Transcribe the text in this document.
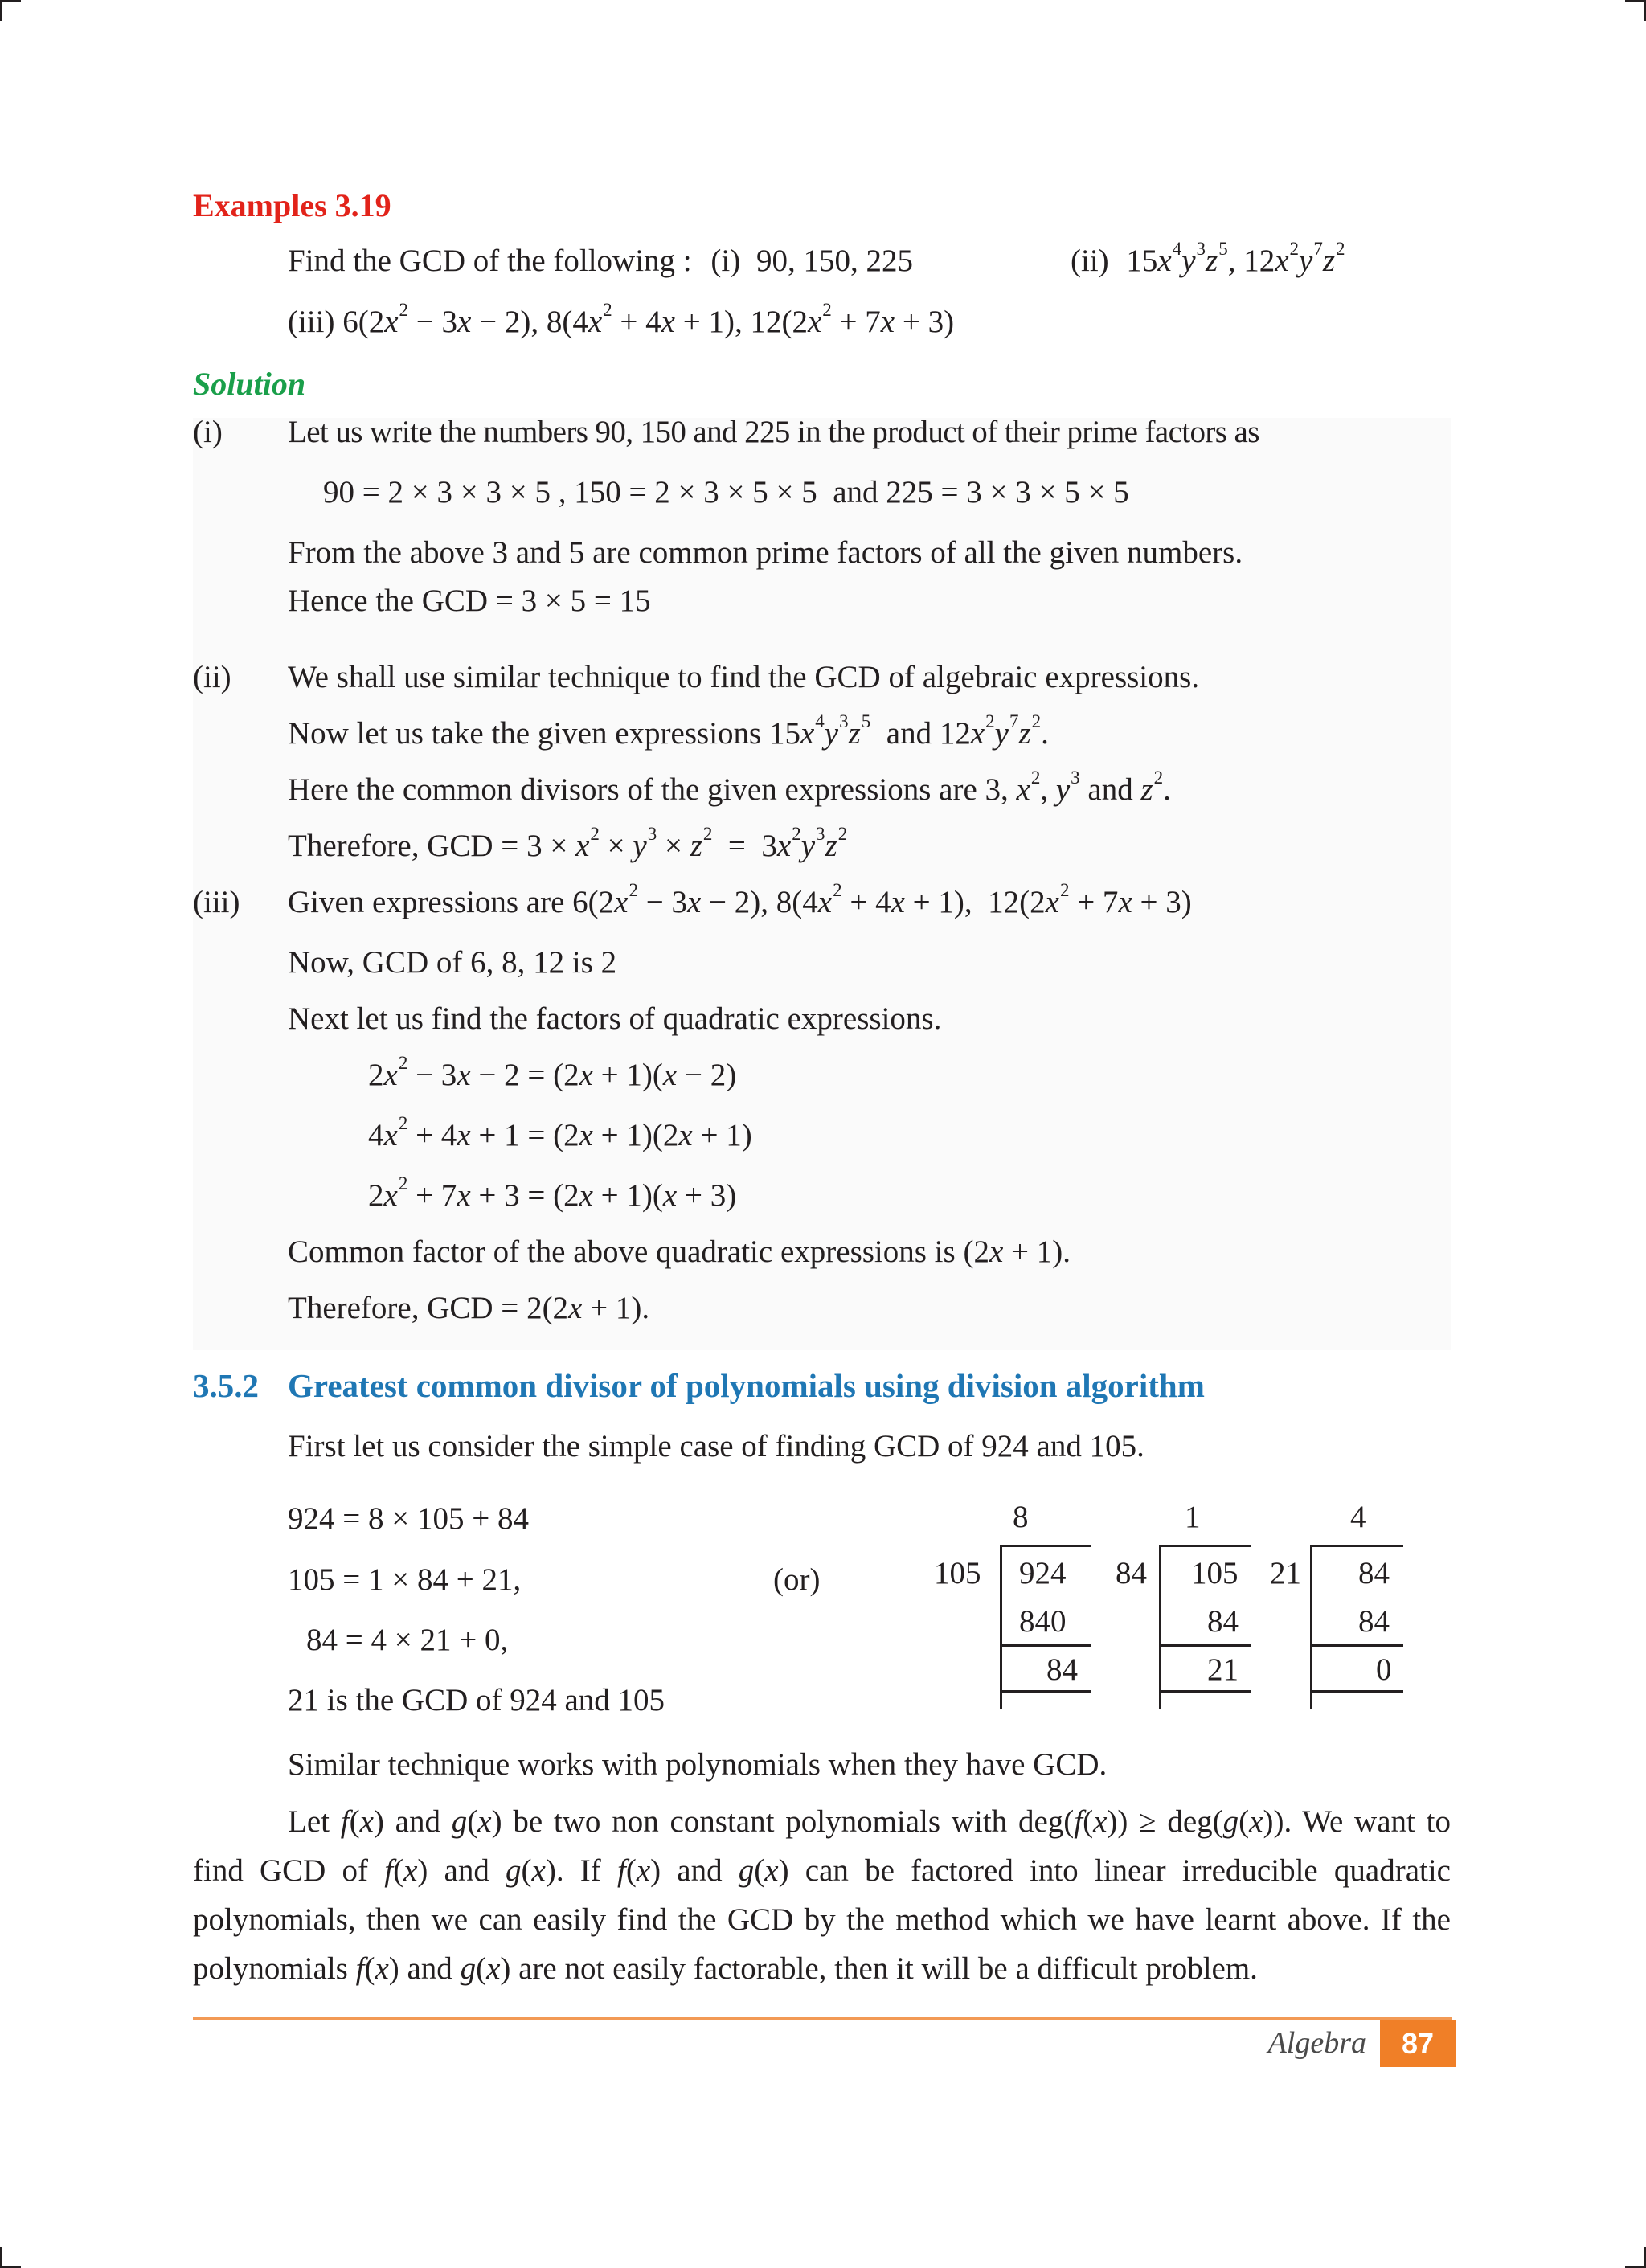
Examples 3.19
Find the GCD of the following : (i) 90, 150, 225	(ii) $15x^4y^3z^5$, $12x^2y^7z^2$
(iii) $6(2x^2 - 3x - 2)$, $8(4x^2 + 4x + 1)$, $12(2x^2 + 7x + 3)$
Solution
(i) Let us write the numbers 90, 150 and 225 in the product of their prime factors as
90 = 2 × 3 × 3 × 5 , 150 = 2 × 3 × 5 × 5  and 225 = 3 × 3 × 5 × 5
From the above 3 and 5 are common prime factors of all the given numbers.
Hence the GCD = 3 × 5 = 15
(ii) We shall use similar technique to find the GCD of algebraic expressions.
Now let us take the given expressions $15x^4y^3z^5$  and $12x^2y^7z^2$.
Here the common divisors of the given expressions are 3, $x^2$, $y^3$ and $z^2$.
Therefore, GCD = $3 \times x^2 \times y^3 \times z^2 = 3x^2y^3z^2$
(iii) Given expressions are $6(2x^2 - 3x - 2)$, $8(4x^2 + 4x + 1)$,  $12(2x^2 + 7x + 3)$
Now, GCD of 6, 8, 12 is 2
Next let us find the factors of quadratic expressions.
$2x^2 - 3x - 2 = (2x + 1)(x - 2)$
$4x^2 + 4x + 1 = (2x + 1)(2x + 1)$
$2x^2 + 7x + 3 = (2x + 1)(x + 3)$
Common factor of the above quadratic expressions is (2x + 1).
Therefore, GCD = 2(2x + 1).
3.5.2 Greatest common divisor of polynomials using division algorithm
First let us consider the simple case of finding GCD of 924 and 105.
924 = 8 × 105 + 84
105 = 1 × 84 + 21,
84 = 4 × 21 + 0,
21 is the GCD of 924 and 105
(or)
8
105 924
840
84
1
84 105
84
21
4
21 84
84
0
Similar technique works with polynomials when they have GCD.
Let f(x) and g(x) be two non constant polynomials with deg(f(x)) ≥ deg(g(x)). We want to find GCD of f(x) and g(x). If f(x) and g(x) can be factored into linear irreducible quadratic polynomials, then we can easily find the GCD by the method which we have learnt above. If the polynomials f(x) and g(x) are not easily factorable, then it will be a difficult problem.
Algebra	87
